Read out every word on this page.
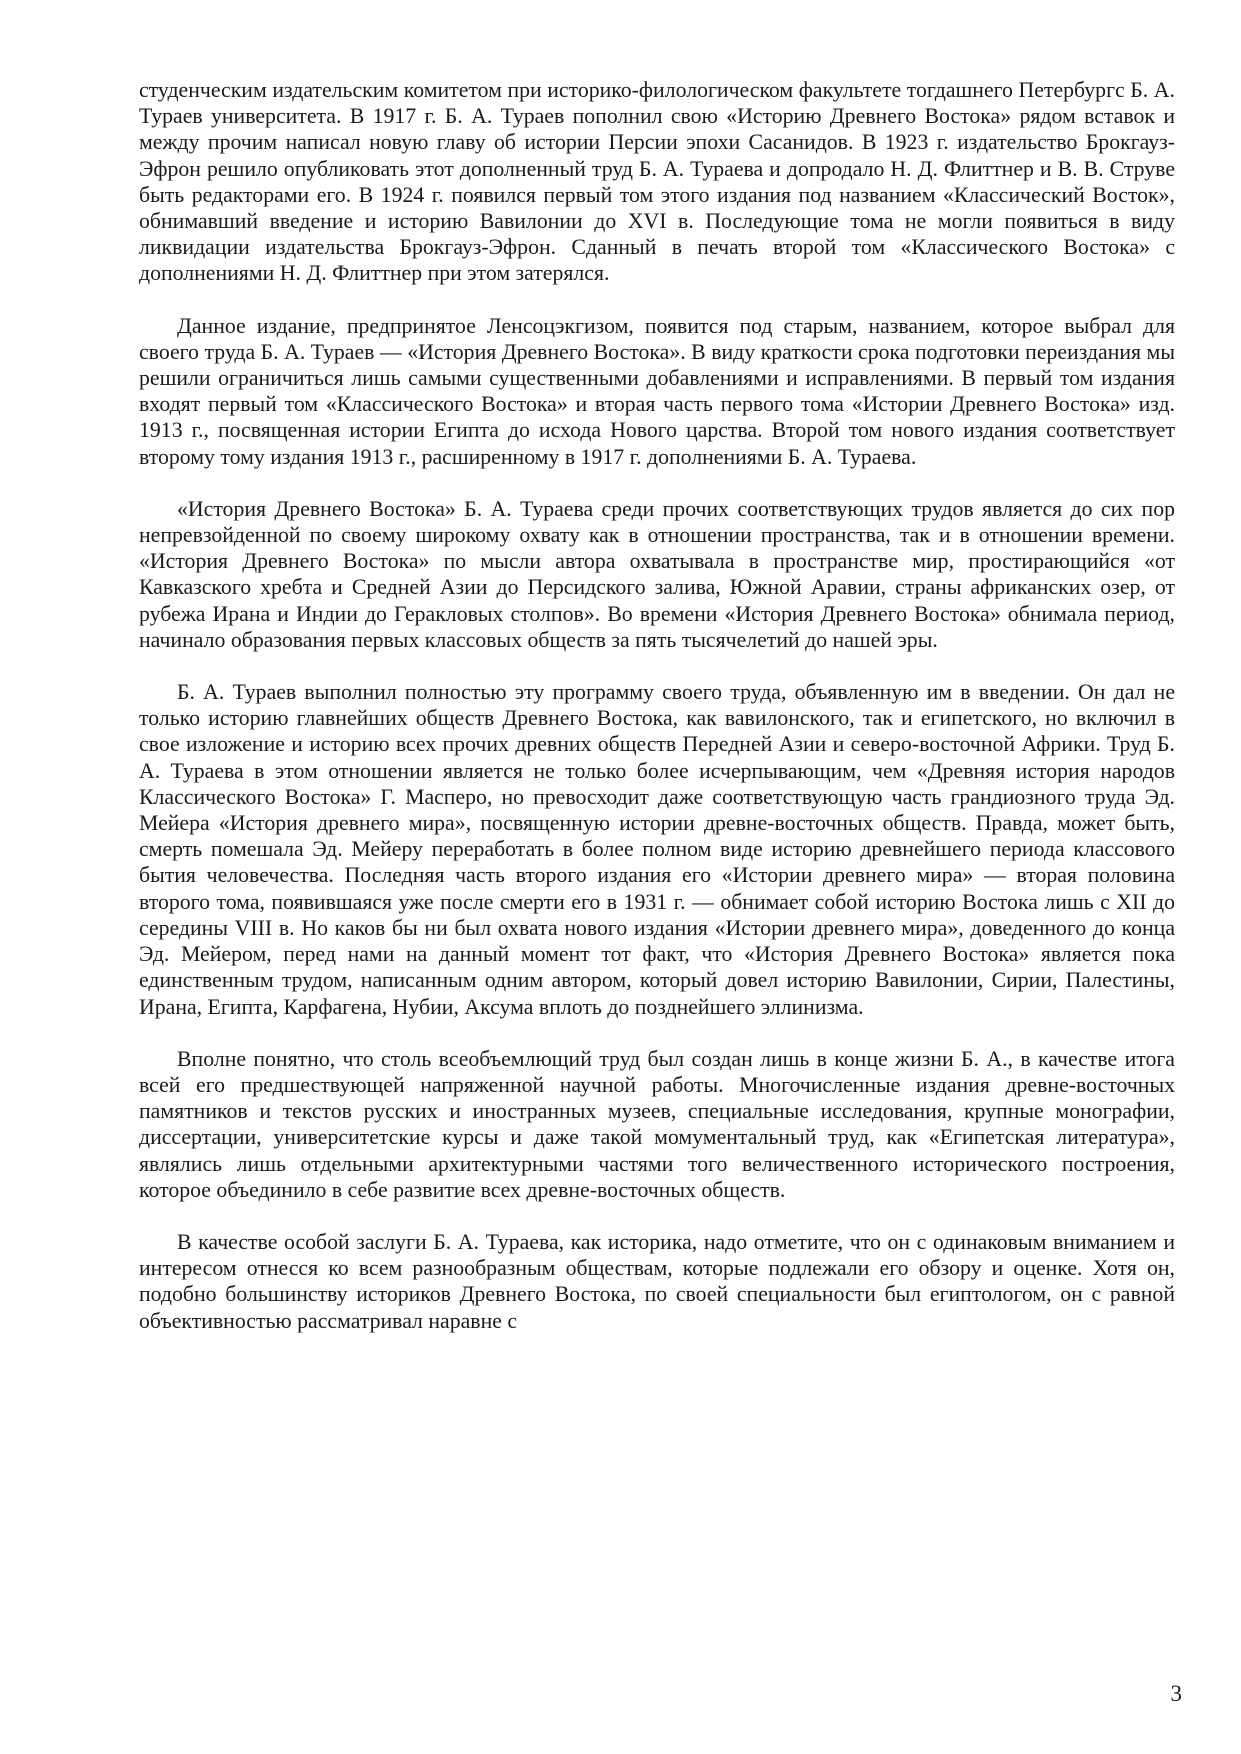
студенческим издательским комитетом при историко-филологическом факультете тогдашнего Петербургс Б. А. Тураев университета. В 1917 г. Б. А. Тураев пополнил свою «Историю Древнего Востока» рядом вставок и между прочим написал новую главу об истории Персии эпохи Сасанидов. В 1923 г. издательство Брокгауз-Эфрон решило опубликовать этот дополненный труд Б. А. Тураева и допродало Н. Д. Флиттнер и В. В. Струве быть редакторами его. В 1924 г. появился первый том этого издания под названием «Классический Восток», обнимавший введение и историю Вавилонии до XVI в. Последующие тома не могли появиться в виду ликвидации издательства Брокгауз-Эфрон. Сданный в печать второй том «Классического Востока» с дополнениями Н. Д. Флиттнер при этом затерялся.

Данное издание, предпринятое Ленсоцэкгизом, появится под старым, названием, которое выбрал для своего труда Б. А. Тураев — «История Древнего Востока». В виду краткости срока подготовки переиздания мы решили ограничиться лишь самыми существенными добавлениями и исправлениями. В первый том издания входят первый том «Классического Востока» и вторая часть первого тома «Истории Древнего Востока» изд. 1913 г., посвященная истории Египта до исхода Нового царства. Второй том нового издания соответствует второму тому издания 1913 г., расширенному в 1917 г. дополнениями Б. А. Тураева.

«История Древнего Востока» Б. А. Тураева среди прочих соответствующих трудов является до сих пор непревзойденной по своему широкому охвату как в отношении пространства, так и в отношении времени. «История Древнего Востока» по мысли автора охватывала в пространстве мир, простирающийся «от Кавказского хребта и Средней Азии до Персидского залива, Южной Аравии, страны африканских озер, от рубежа Ирана и Индии до Геракловых столпов». Во времени «История Древнего Востока» обнимала период, начинало образования первых классовых обществ за пять тысячелетий до нашей эры.

Б. А. Тураев выполнил полностью эту программу своего труда, объявленную им в введении. Он дал не только историю главнейших обществ Древнего Востока, как вавилонского, так и египетского, но включил в свое изложение и историю всех прочих древних обществ Передней Азии и северо-восточной Африки. Труд Б. А. Тураева в этом отношении является не только более исчерпывающим, чем «Древняя история народов Классического Востока» Г. Масперо, но превосходит даже соответствующую часть грандиозного труда Эд. Мейера «История древнего мира», посвященную истории древне-восточных обществ. Правда, может быть, смерть помешала Эд. Мейеру переработать в более полном виде историю древнейшего периода классового бытия человечества. Последняя часть второго издания его «Истории древнего мира» — вторая половина второго тома, появившаяся уже после смерти его в 1931 г. — обнимает собой историю Востока лишь с XII до середины VIII в. Но каков бы ни был охвата нового издания «Истории древнего мира», доведенного до конца Эд. Мейером, перед нами на данный момент тот факт, что «История Древнего Востока» является пока единственным трудом, написанным одним автором, который довел историю Вавилонии, Сирии, Палестины, Ирана, Египта, Карфагена, Нубии, Аксума вплоть до позднейшего эллинизма.

Вполне понятно, что столь всеобъемлющий труд был создан лишь в конце жизни Б. А., в качестве итога всей его предшествующей напряженной научной работы. Многочисленные издания древне-восточных памятников и текстов русских и иностранных музеев, специальные исследования, крупные монографии, диссертации, университетские курсы и даже такой момументальный труд, как «Египетская литература», являлись лишь отдельными архитектурными частями того величественного исторического построения, которое объединило в себе развитие всех древне-восточных обществ.

В качестве особой заслуги Б. А. Тураева, как историка, надо отметите, что он с одинаковым вниманием и интересом отнесся ко всем разнообразным обществам, которые подлежали его обзору и оценке. Хотя он, подобно большинству историков Древнего Востока, по своей специальности был египтологом, он с равной объективностью рассматривал наравне с

3
